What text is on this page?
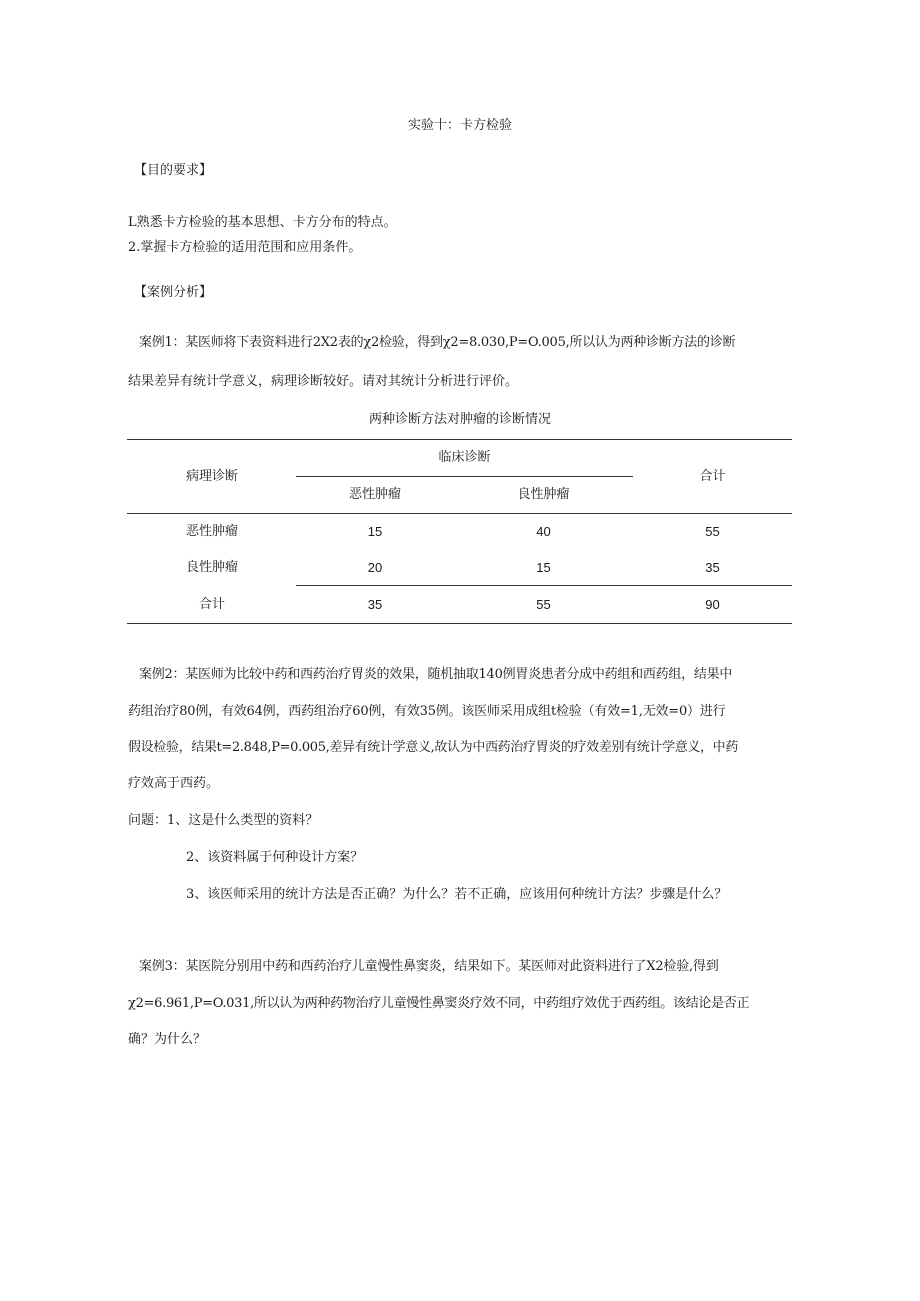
实验十：卡方检验
【目的要求】
L熟悉卡方检验的基本思想、卡方分布的特点。
2.掌握卡方检验的适用范围和应用条件。
【案例分析】
案例1：某医师将下表资料进行2X2表的χ2检验，得到χ2=8.030,P=O.005,所以认为两种诊断方法的诊断
结果差异有统计学意义，病理诊断较好。请对其统计分析进行评价。
两种诊断方法对肿瘤的诊断情况
病理诊断
临床诊断
恶性肿瘤	良性肿瘤
合计
恶性肿瘤	15	40	55
良性肿瘤	20	15	35
合计	35	55	90
案例2：某医师为比较中药和西药治疗胃炎的效果，随机抽取140例胃炎患者分成中药组和西药组，结果中
药组治疗80例，有效64例，西药组治疗60例，有效35例。该医师采用成组t检验（有效=1,无效=0）进行
假设检验，结果t=2.848,P=0.005,差异有统计学意义,故认为中西药治疗胃炎的疗效差别有统计学意义，中药
疗效高于西药。
问题：1、这是什么类型的资料？
2、该资料属于何种设计方案？
3、该医师采用的统计方法是否正确？为什么？若不正确，应该用何种统计方法？步骤是什么？
案例3：某医院分别用中药和西药治疗儿童慢性鼻窦炎，结果如下。某医师对此资料进行了X2检验,得到
χ2=6.961,P=O.031,所以认为两种药物治疗儿童慢性鼻窦炎疗效不同，中药组疗效优于西药组。该结论是否正
确？为什么？
